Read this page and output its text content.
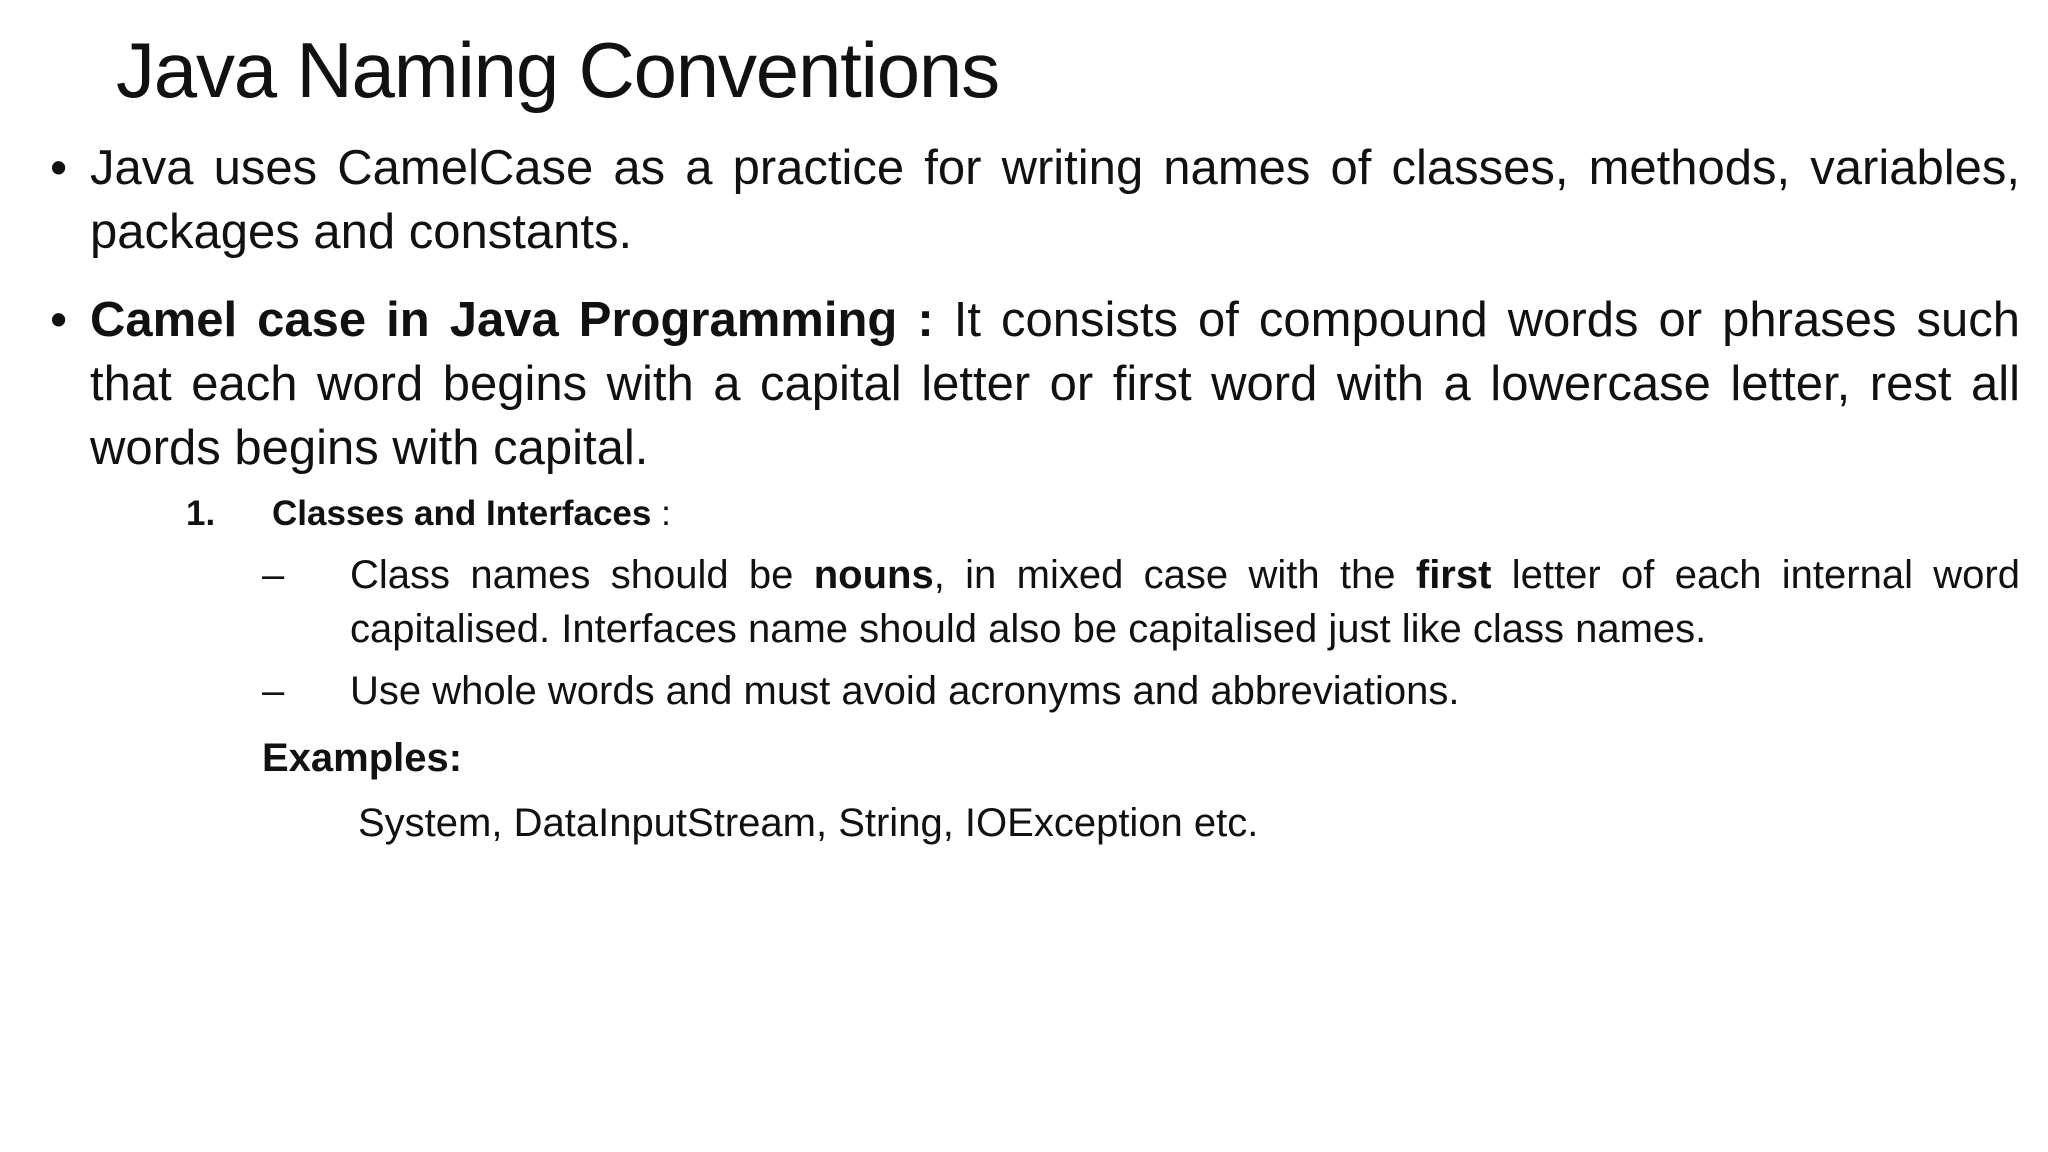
Java Naming Conventions
• Java uses CamelCase as a practice for writing names of classes, methods, variables, packages and constants.
• Camel case in Java Programming : It consists of compound words or phrases such that each word begins with a capital letter or first word with a lowercase letter, rest all words begins with capital.
1. Classes and Interfaces :
–	Class names should be nouns, in mixed case with the first letter of each internal word capitalised. Interfaces name should also be capitalised just like class names.
–	Use whole words and must avoid acronyms and abbreviations.
Examples:
System, DataInputStream, String, IOException etc.
